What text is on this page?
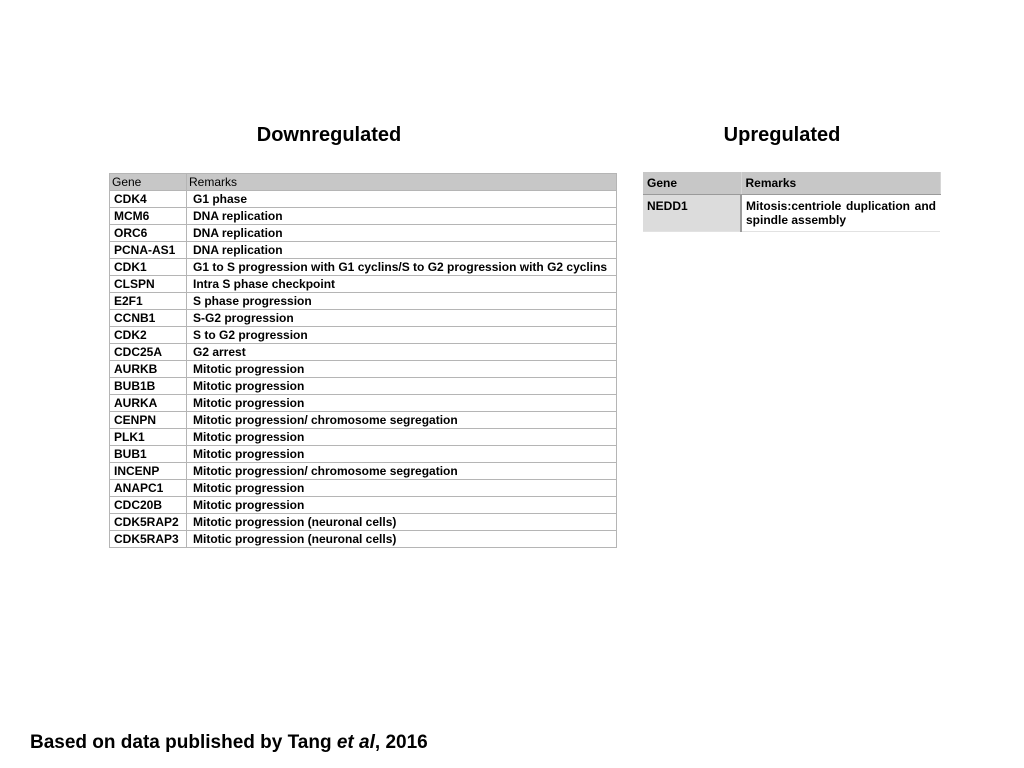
Downregulated	Upregulated
Gene	Remarks
CDK4	G1 phase
MCM6	DNA replication
ORC6	DNA replication
PCNA-AS1	DNA replication
CDK1	G1 to S progression with G1 cyclins/S to G2 progression with G2 cyclins
CLSPN	Intra S phase checkpoint
E2F1	S phase progression
CCNB1	S-G2 progression
CDK2	S to G2 progression
CDC25A	G2 arrest
AURKB	Mitotic progression
BUB1B	Mitotic progression
AURKA	Mitotic progression
CENPN	Mitotic progression/ chromosome segregation
PLK1	Mitotic progression
BUB1	Mitotic progression
INCENP	Mitotic progression/ chromosome segregation
ANAPC1	Mitotic progression
CDC20B	Mitotic progression
CDK5RAP2	Mitotic progression (neuronal cells)
CDK5RAP3	Mitotic progression (neuronal cells)
Gene	Remarks
NEDD1	Mitosis:centriole duplication and spindle assembly

Based on data published by Tang et al, 2016
